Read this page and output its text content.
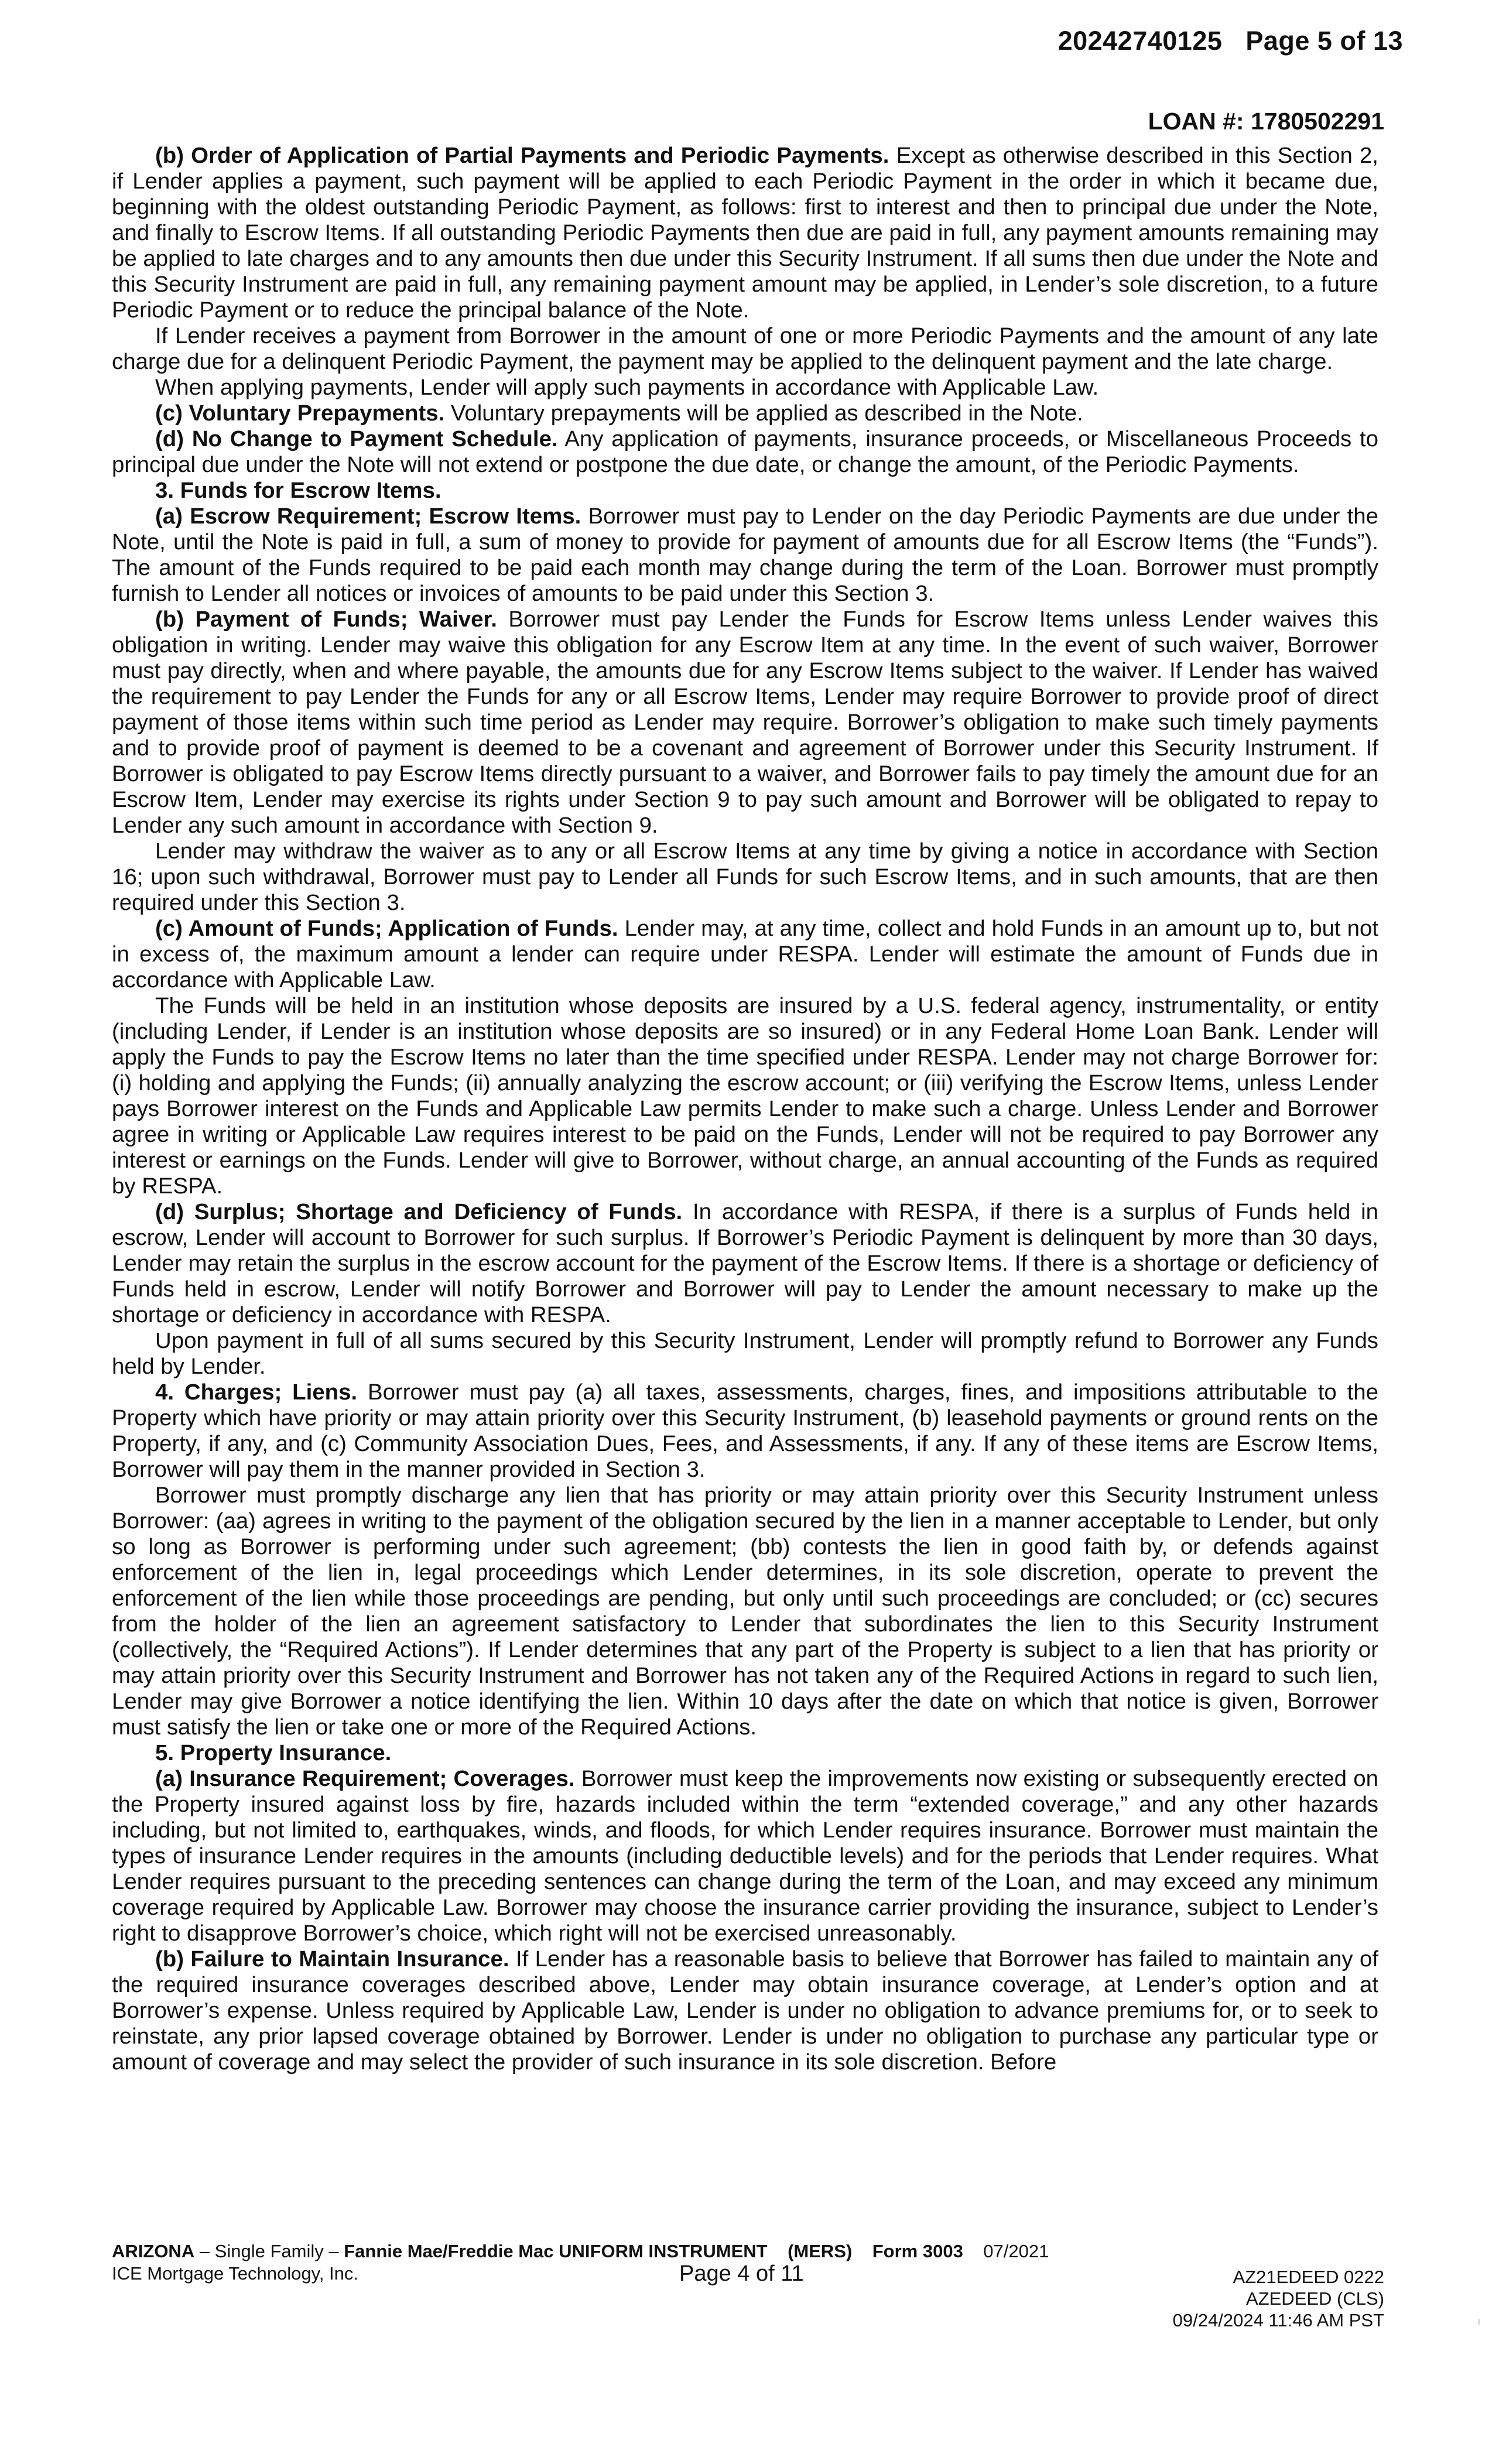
20242740125 Page 5 of 13
LOAN #: 1780502291

(b) Order of Application of Partial Payments and Periodic Payments. Except as otherwise described in this Section 2, if Lender applies a payment, such payment will be applied to each Periodic Payment in the order in which it became due, beginning with the oldest outstanding Periodic Payment, as follows: first to interest and then to principal due under the Note, and finally to Escrow Items. If all outstanding Periodic Payments then due are paid in full, any payment amounts remaining may be applied to late charges and to any amounts then due under this Security Instrument. If all sums then due under the Note and this Security Instrument are paid in full, any remaining payment amount may be applied, in Lender’s sole discretion, to a future Periodic Payment or to reduce the principal balance of the Note.

If Lender receives a payment from Borrower in the amount of one or more Periodic Payments and the amount of any late charge due for a delinquent Periodic Payment, the payment may be applied to the delinquent payment and the late charge.

When applying payments, Lender will apply such payments in accordance with Applicable Law.

(c) Voluntary Prepayments. Voluntary prepayments will be applied as described in the Note.

(d) No Change to Payment Schedule. Any application of payments, insurance proceeds, or Miscellaneous Proceeds to principal due under the Note will not extend or postpone the due date, or change the amount, of the Periodic Payments.

3. Funds for Escrow Items.

(a) Escrow Requirement; Escrow Items. Borrower must pay to Lender on the day Periodic Payments are due under the Note, until the Note is paid in full, a sum of money to provide for payment of amounts due for all Escrow Items (the “Funds”). The amount of the Funds required to be paid each month may change during the term of the Loan. Borrower must promptly furnish to Lender all notices or invoices of amounts to be paid under this Section 3.

(b) Payment of Funds; Waiver. Borrower must pay Lender the Funds for Escrow Items unless Lender waives this obligation in writing. Lender may waive this obligation for any Escrow Item at any time. In the event of such waiver, Borrower must pay directly, when and where payable, the amounts due for any Escrow Items subject to the waiver. If Lender has waived the requirement to pay Lender the Funds for any or all Escrow Items, Lender may require Borrower to provide proof of direct payment of those items within such time period as Lender may require. Borrower’s obligation to make such timely payments and to provide proof of payment is deemed to be a covenant and agreement of Borrower under this Security Instrument. If Borrower is obligated to pay Escrow Items directly pursuant to a waiver, and Borrower fails to pay timely the amount due for an Escrow Item, Lender may exercise its rights under Section 9 to pay such amount and Borrower will be obligated to repay to Lender any such amount in accordance with Section 9.

Lender may withdraw the waiver as to any or all Escrow Items at any time by giving a notice in accordance with Section 16; upon such withdrawal, Borrower must pay to Lender all Funds for such Escrow Items, and in such amounts, that are then required under this Section 3.

(c) Amount of Funds; Application of Funds. Lender may, at any time, collect and hold Funds in an amount up to, but not in excess of, the maximum amount a lender can require under RESPA. Lender will estimate the amount of Funds due in accordance with Applicable Law.

The Funds will be held in an institution whose deposits are insured by a U.S. federal agency, instrumentality, or entity (including Lender, if Lender is an institution whose deposits are so insured) or in any Federal Home Loan Bank. Lender will apply the Funds to pay the Escrow Items no later than the time specified under RESPA. Lender may not charge Borrower for: (i) holding and applying the Funds; (ii) annually analyzing the escrow account; or (iii) verifying the Escrow Items, unless Lender pays Borrower interest on the Funds and Applicable Law permits Lender to make such a charge. Unless Lender and Borrower agree in writing or Applicable Law requires interest to be paid on the Funds, Lender will not be required to pay Borrower any interest or earnings on the Funds. Lender will give to Borrower, without charge, an annual accounting of the Funds as required by RESPA.

(d) Surplus; Shortage and Deficiency of Funds. In accordance with RESPA, if there is a surplus of Funds held in escrow, Lender will account to Borrower for such surplus. If Borrower’s Periodic Payment is delinquent by more than 30 days, Lender may retain the surplus in the escrow account for the payment of the Escrow Items. If there is a shortage or deficiency of Funds held in escrow, Lender will notify Borrower and Borrower will pay to Lender the amount necessary to make up the shortage or deficiency in accordance with RESPA.

Upon payment in full of all sums secured by this Security Instrument, Lender will promptly refund to Borrower any Funds held by Lender.

4. Charges; Liens. Borrower must pay (a) all taxes, assessments, charges, fines, and impositions attributable to the Property which have priority or may attain priority over this Security Instrument, (b) leasehold payments or ground rents on the Property, if any, and (c) Community Association Dues, Fees, and Assessments, if any. If any of these items are Escrow Items, Borrower will pay them in the manner provided in Section 3.

Borrower must promptly discharge any lien that has priority or may attain priority over this Security Instrument unless Borrower: (aa) agrees in writing to the payment of the obligation secured by the lien in a manner acceptable to Lender, but only so long as Borrower is performing under such agreement; (bb) contests the lien in good faith by, or defends against enforcement of the lien in, legal proceedings which Lender determines, in its sole discretion, operate to prevent the enforcement of the lien while those proceedings are pending, but only until such proceedings are concluded; or (cc) secures from the holder of the lien an agreement satisfactory to Lender that subordinates the lien to this Security Instrument (collectively, the “Required Actions”). If Lender determines that any part of the Property is subject to a lien that has priority or may attain priority over this Security Instrument and Borrower has not taken any of the Required Actions in regard to such lien, Lender may give Borrower a notice identifying the lien. Within 10 days after the date on which that notice is given, Borrower must satisfy the lien or take one or more of the Required Actions.

5. Property Insurance.

(a) Insurance Requirement; Coverages. Borrower must keep the improvements now existing or subsequently erected on the Property insured against loss by fire, hazards included within the term “extended coverage,” and any other hazards including, but not limited to, earthquakes, winds, and floods, for which Lender requires insurance. Borrower must maintain the types of insurance Lender requires in the amounts (including deductible levels) and for the periods that Lender requires. What Lender requires pursuant to the preceding sentences can change during the term of the Loan, and may exceed any minimum coverage required by Applicable Law. Borrower may choose the insurance carrier providing the insurance, subject to Lender’s right to disapprove Borrower’s choice, which right will not be exercised unreasonably.

(b) Failure to Maintain Insurance. If Lender has a reasonable basis to believe that Borrower has failed to maintain any of the required insurance coverages described above, Lender may obtain insurance coverage, at Lender’s option and at Borrower’s expense. Unless required by Applicable Law, Lender is under no obligation to advance premiums for, or to seek to reinstate, any prior lapsed coverage obtained by Borrower. Lender is under no obligation to purchase any particular type or amount of coverage and may select the provider of such insurance in its sole discretion. Before

ARIZONA – Single Family – Fannie Mae/Freddie Mac UNIFORM INSTRUMENT (MERS) Form 3003 07/2021
ICE Mortgage Technology, Inc.	Page 4 of 11	AZ21EDEED 0222
AZEDEED (CLS)
09/24/2024 11:46 AM PST
